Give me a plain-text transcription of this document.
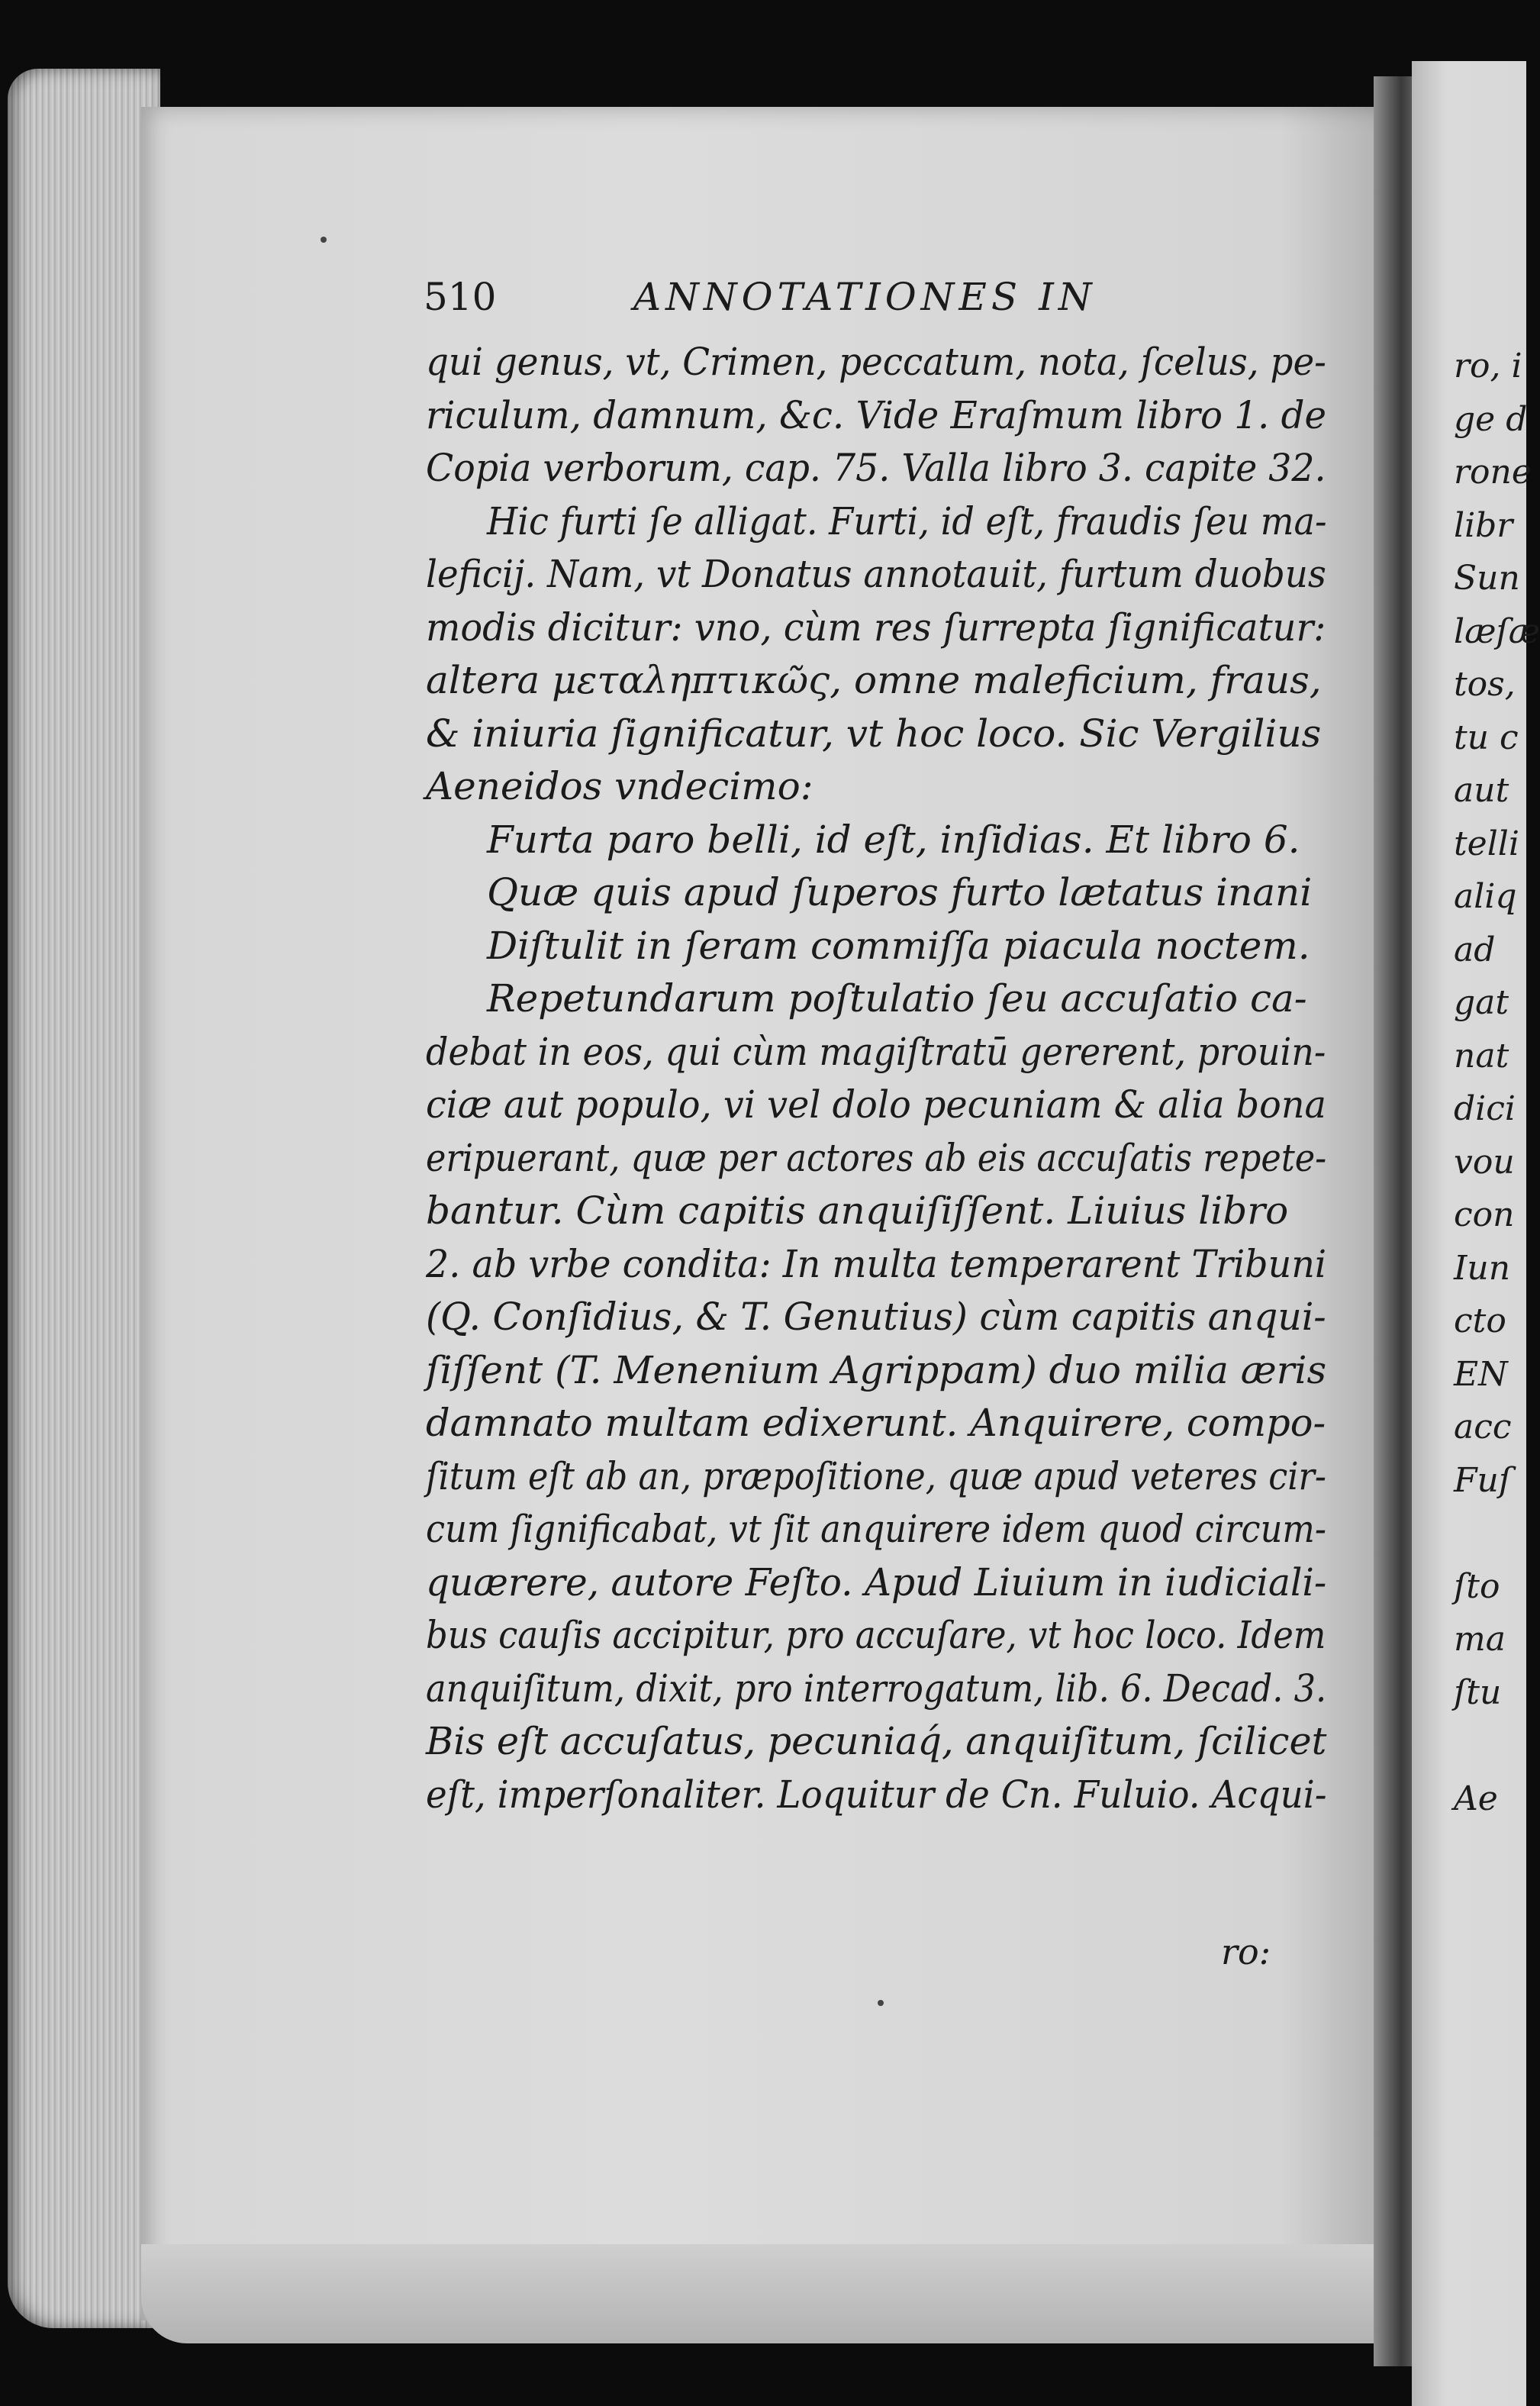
510	ANNOTATIONES IN
qui genus, vt, Crimen, peccatum, nota, ſcelus, pe-
riculum, damnum, &c. Vide Eraſmum libro 1. de
Copia verborum, cap. 75. Valla libro 3. capite 32.
Hic furti ſe alligat. Furti, id eſt, fraudis ſeu ma-
leficij. Nam, vt Donatus annotauit, furtum duobus
modis dicitur: vno, cùm res ſurrepta ſignificatur:
altera μεταληπτικῶς, omne maleficium, fraus,
& iniuria ſignificatur, vt hoc loco. Sic Vergilius
Aeneidos vndecimo:
Furta paro belli, id eſt, inſidias. Et libro 6.
Quæ quis apud ſuperos furto lætatus inani
Diſtulit in ſeram commiſſa piacula noctem.
Repetundarum poſtulatio ſeu accuſatio ca-
debat in eos, qui cùm magiſtratū gererent, prouin-
ciæ aut populo, vi vel dolo pecuniam & alia bona
eripuerant, quæ per actores ab eis accuſatis repete-
bantur. Cùm capitis anquiſiſſent. Liuius libro
2. ab vrbe condita: In multa temperarent Tribuni
(Q. Conſidius, & T. Genutius) cùm capitis anqui-
ſiſſent (T. Menenium Agrippam) duo milia æris
damnato multam edixerunt. Anquirere, compo-
ſitum eſt ab an, præpoſitione, quæ apud veteres cir-
cum ſignificabat, vt ſit anquirere idem quod circum-
quærere, autore Feſto. Apud Liuium in iudiciali-
bus cauſis accipitur, pro accuſare, vt hoc loco. Idem
anquiſitum, dixit, pro interrogatum, lib. 6. Decad. 3.
Bis eſt accuſatus, pecuniaq́, anquiſitum, ſcilicet
eſt, imperſonaliter. Loquitur de Cn. Fuluio. Acqui-
ro:
ro, i
ge d
rone
libr
Sun
læſæ
tos,
tu c
aut
telli
aliq
ad
gat
nat
dici
vou
con
Iun
cto
EN
acc
Fuſ
ſto
ma
ſtu
Ae
